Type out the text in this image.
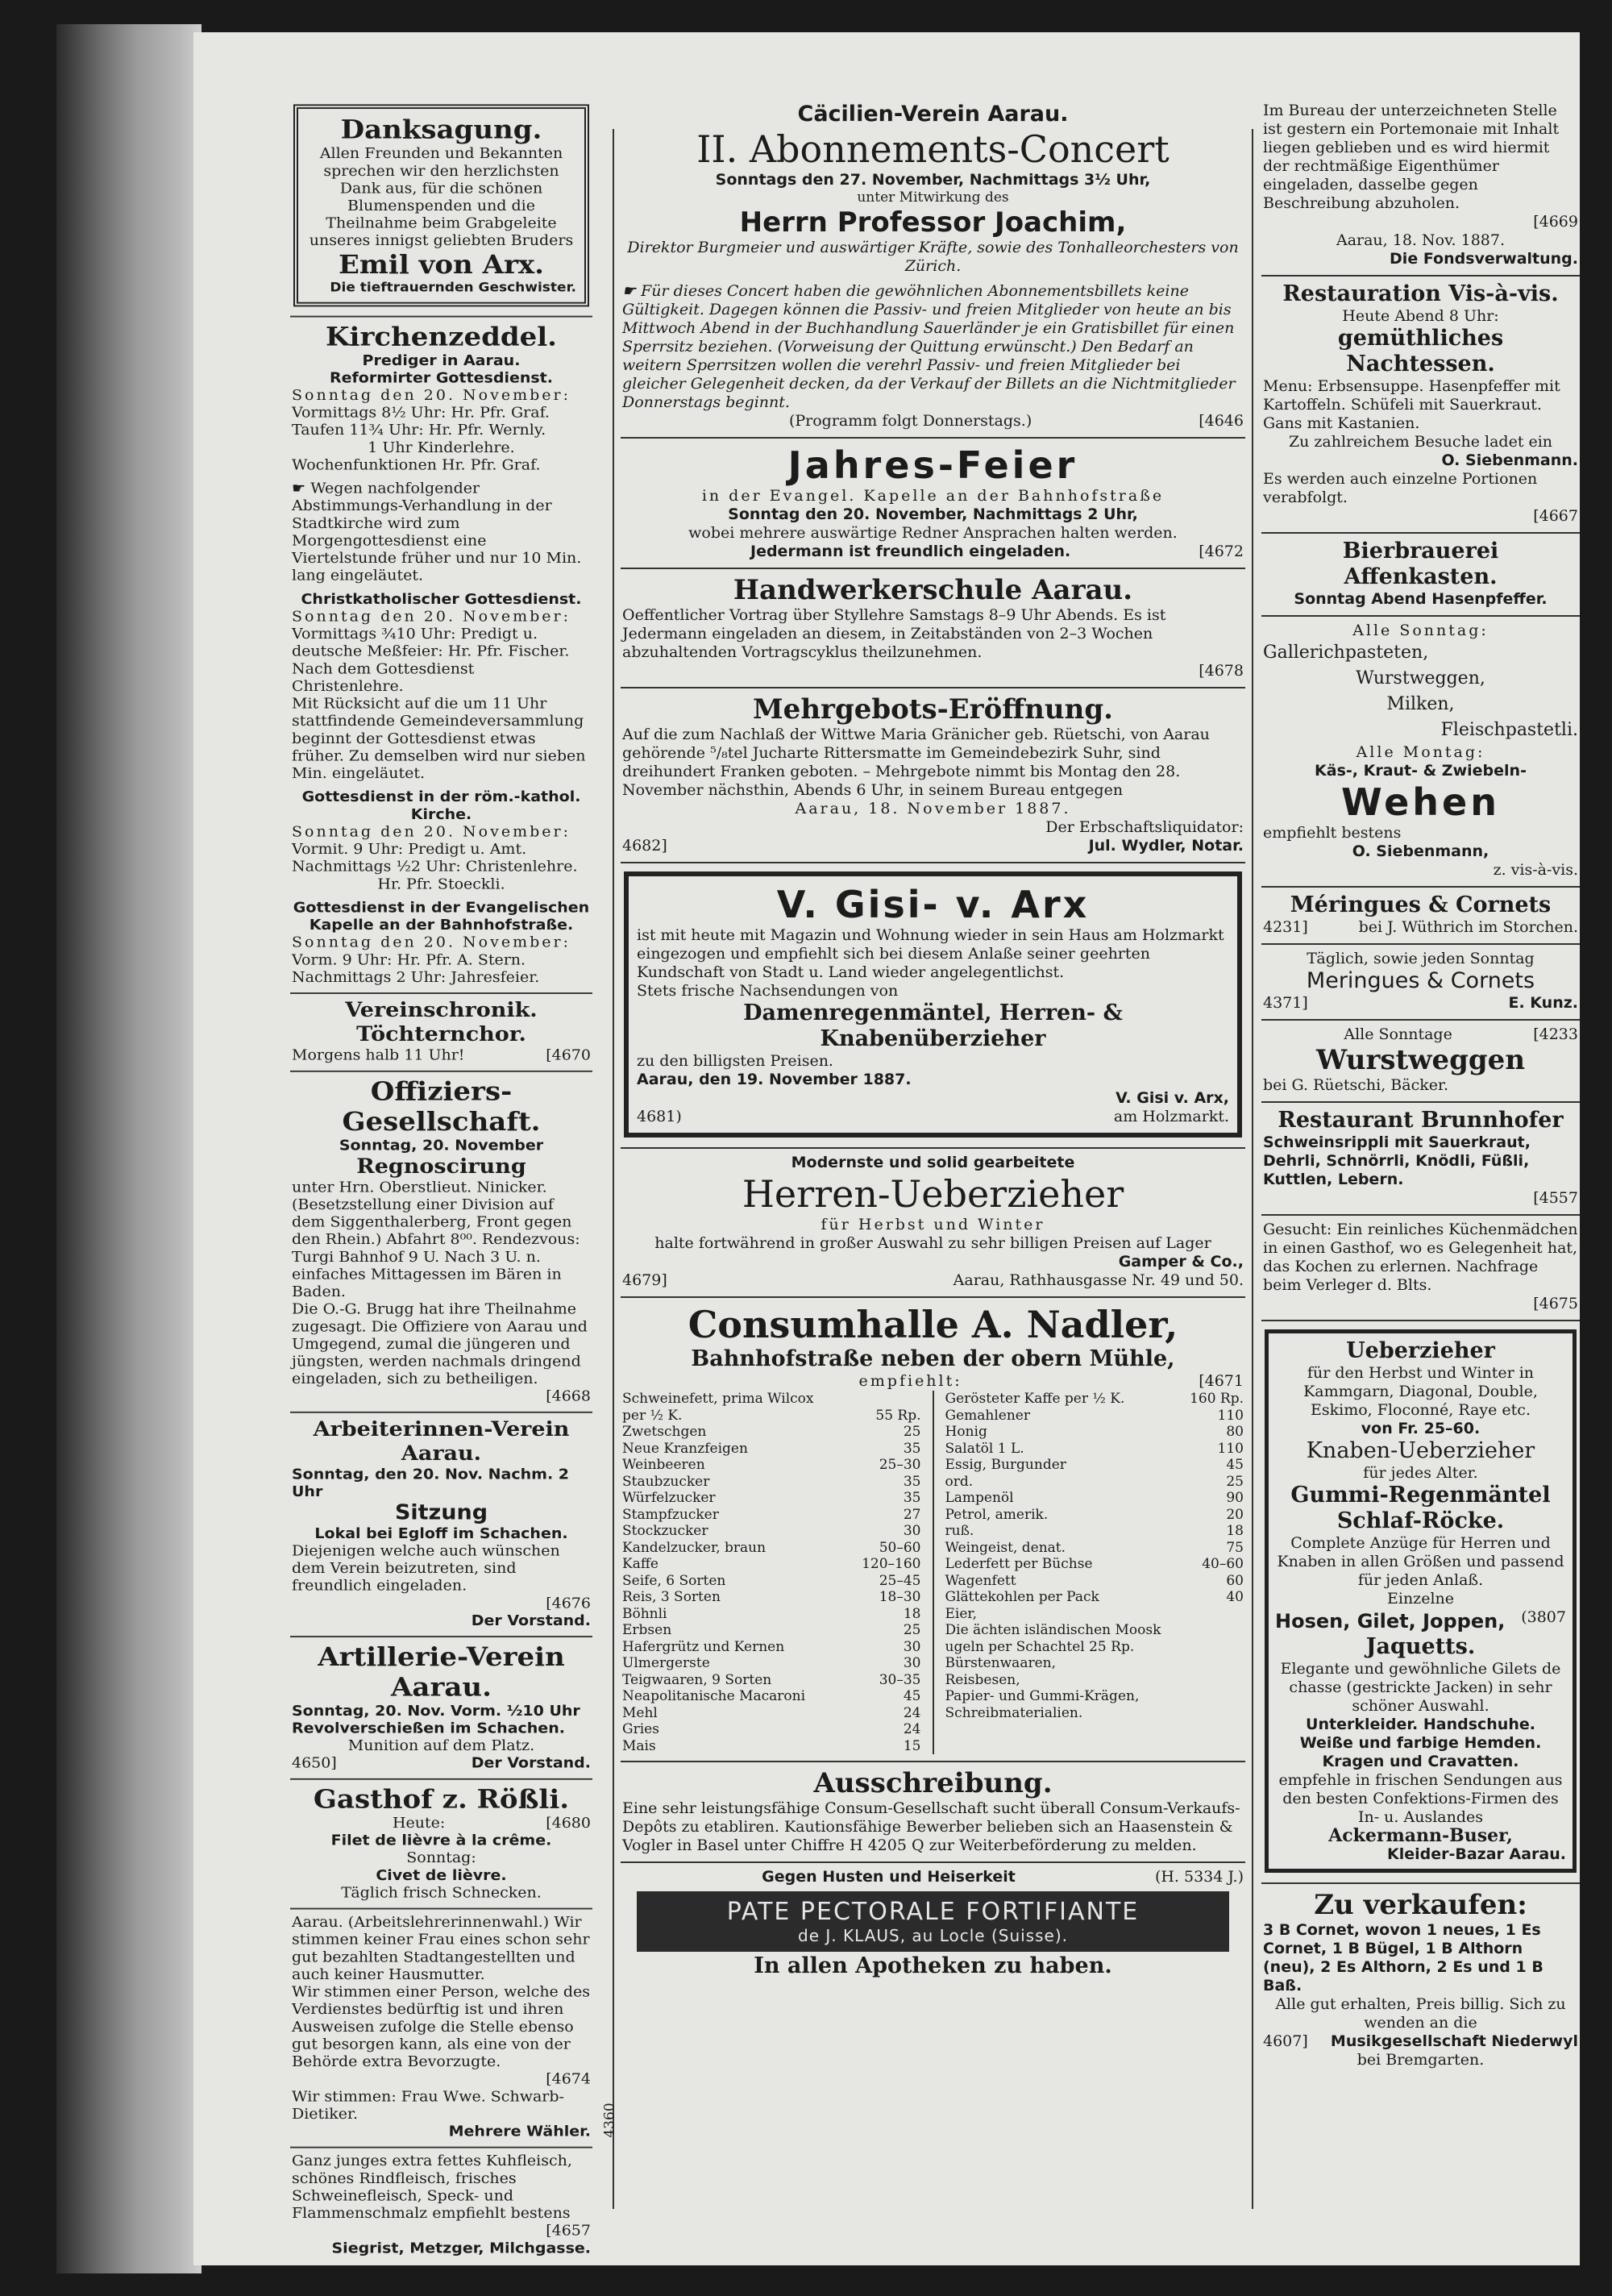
Danksagung.
Allen Freunden und Bekannten sprechen wir den herzlichsten Dank aus, für die schönen Blumenspenden und die Theilnahme beim Grabgeleite unseres innigst geliebten Bruders
Emil von Arx.
Die tieftrauernden Geschwister.
Kirchenzeddel.
Prediger in Aarau.
Reformirter Gottesdienst.
Sonntag den 20. November:
Vormittags 8½ Uhr: Hr. Pfr. Graf.
Taufen 11¾ Uhr: Hr. Pfr. Wernly.
1 Uhr Kinderlehre.
Wochenfunktionen Hr. Pfr. Graf.
☛ Wegen nachfolgender Abstimmungs-Verhandlung in der Stadtkirche wird zum Morgengottesdienst eine Viertelstunde früher und nur 10 Min. lang eingeläutet.
Christkatholischer Gottesdienst.
Sonntag den 20. November:
Vormittags ¾10 Uhr: Predigt u. deutsche Meßfeier: Hr. Pfr. Fischer.
Nach dem Gottesdienst Christenlehre.
Mit Rücksicht auf die um 11 Uhr stattfindende Gemeindeversammlung beginnt der Gottesdienst etwas früher. Zu demselben wird nur sieben Min. eingeläutet.
Gottesdienst in der röm.-kathol. Kirche.
Sonntag den 20. November:
Vormit. 9 Uhr: Predigt u. Amt.
Nachmittags ½2 Uhr: Christenlehre.
Hr. Pfr. Stoeckli.
Gottesdienst in der Evangelischen Kapelle an der Bahnhofstraße.
Sonntag den 20. November:
Vorm. 9 Uhr: Hr. Pfr. A. Stern.
Nachmittags 2 Uhr: Jahresfeier.
Vereinschronik.
Töchternchor.
Morgens halb 11 Uhr!	[4670
Offiziers-Gesellschaft.
Sonntag, 20. November
Regnoscirung
unter Hrn. Oberstlieut. Ninicker. (Besetzstellung einer Division auf dem Siggenthalerberg, Front gegen den Rhein.) Abfahrt 8⁰⁰. Rendezvous: Turgi Bahnhof 9 U. Nach 3 U. n. einfaches Mittagessen im Bären in Baden.
Die O.-G. Brugg hat ihre Theilnahme zugesagt. Die Offiziere von Aarau und Umgegend, zumal die jüngeren und jüngsten, werden nachmals dringend eingeladen, sich zu betheiligen.
[4668
Arbeiterinnen-Verein Aarau.
Sonntag, den 20. Nov. Nachm. 2 Uhr
Sitzung
Lokal bei Egloff im Schachen.
Diejenigen welche auch wünschen dem Verein beizutreten, sind freundlich eingeladen.
[4676
Der Vorstand.
Artillerie-Verein Aarau.
Sonntag, 20. Nov. Vorm. ½10 Uhr Revolverschießen im Schachen.
Munition auf dem Platz.
4650]	Der Vorstand.
Gasthof z. Rößli.
Heute:	[4680
Filet de lièvre à la crême.
Sonntag:
Civet de lièvre.
Täglich frisch Schnecken.
Aarau. (Arbeitslehrerinnenwahl.) Wir stimmen keiner Frau eines schon sehr gut bezahlten Stadtangestellten und auch keiner Hausmutter.
Wir stimmen einer Person, welche des Verdienstes bedürftig ist und ihren Ausweisen zufolge die Stelle ebenso gut besorgen kann, als eine von der Behörde extra Bevorzugte.
[4674
Wir stimmen: Frau Wwe. Schwarb-Dietiker.
Mehrere Wähler.
Ganz junges extra fettes Kuhfleisch, schönes Rindfleisch, frisches Schweinefleisch, Speck- und Flammenschmalz empfiehlt bestens
[4657
Siegrist, Metzger, Milchgasse.
Cäcilien-Verein Aarau.
II. Abonnements-Concert
Sonntags den 27. November, Nachmittags 3½ Uhr,
unter Mitwirkung des
Herrn Professor Joachim,
Direktor Burgmeier und auswärtiger Kräfte, sowie des Tonhalleorchesters von Zürich.
☛ Für dieses Concert haben die gewöhnlichen Abonnementsbillets keine Gültigkeit. Dagegen können die Passiv- und freien Mitglieder von heute an bis Mittwoch Abend in der Buchhandlung Sauerländer je ein Gratisbillet für einen Sperrsitz beziehen. (Vorweisung der Quittung erwünscht.) Den Bedarf an weitern Sperrsitzen wollen die verehrl Passiv- und freien Mitglieder bei gleicher Gelegenheit decken, da der Verkauf der Billets an die Nichtmitglieder Donnerstags beginnt.
(Programm folgt Donnerstags.)	[4646
Jahres-Feier
in der Evangel. Kapelle an der Bahnhofstraße
Sonntag den 20. November, Nachmittags 2 Uhr,
wobei mehrere auswärtige Redner Ansprachen halten werden.
Jedermann ist freundlich eingeladen.	[4672
Handwerkerschule Aarau.
Oeffentlicher Vortrag über Styllehre Samstags 8–9 Uhr Abends. Es ist Jedermann eingeladen an diesem, in Zeitabständen von 2–3 Wochen abzuhaltenden Vortragscyklus theilzunehmen.
[4678
Mehrgebots-Eröffnung.
Auf die zum Nachlaß der Wittwe Maria Gränicher geb. Rüetschi, von Aarau gehörende ⁵/₈tel Jucharte Rittersmatte im Gemeindebezirk Suhr, sind dreihundert Franken geboten. – Mehrgebote nimmt bis Montag den 28. November nächsthin, Abends 6 Uhr, in seinem Bureau entgegen
Aarau, 18. November 1887.
Der Erbschaftsliquidator:
4682]	Jul. Wydler, Notar.
V. Gisi- v. Arx
ist mit heute mit Magazin und Wohnung wieder in sein Haus am Holzmarkt eingezogen und empfiehlt sich bei diesem Anlaße seiner geehrten Kundschaft von Stadt u. Land wieder angelegentlichst.
Stets frische Nachsendungen von
Damenregenmäntel, Herren- & Knabenüberzieher
zu den billigsten Preisen.
Aarau, den 19. November 1887.
V. Gisi v. Arx,
4681)	am Holzmarkt.
Modernste und solid gearbeitete
Herren-Ueberzieher
für Herbst und Winter
halte fortwährend in großer Auswahl zu sehr billigen Preisen auf Lager
Gamper & Co.,
4679]	Aarau, Rathhausgasse Nr. 49 und 50.
Consumhalle A. Nadler,
Bahnhofstraße neben der obern Mühle,
empfiehlt:	[4671
Schweinefett, prima Wilcox
per ½ K.	55 Rp.
Zwetschgen	25
Neue Kranzfeigen	35
Weinbeeren	25–30
Staubzucker	35
Würfelzucker	35
Stampfzucker	27
Stockzucker	30
Kandelzucker, braun	50–60
Kaffe	120–160
Seife, 6 Sorten	25–45
Reis, 3 Sorten	18–30
Böhnli	18
Erbsen	25
Hafergrütz und Kernen	30
Ulmergerste	30
Teigwaaren, 9 Sorten	30–35
Neapolitanische Macaroni	45
Mehl	24
Gries	24
Mais	15
Gerösteter Kaffe per ½ K.	160 Rp.
Gemahlener	110
Honig	80
Salatöl 1 L.	110
Essig, Burgunder	45
ord.	25
Lampenöl	90
Petrol, amerik.	20
ruß.	18
Weingeist, denat.	75
Lederfett per Büchse	40–60
Wagenfett	60
Glättekohlen per Pack	40
Eier,
Die ächten isländischen Moosk ugeln per Schachtel 25 Rp.
Bürstenwaaren,
Reisbesen,
Papier- und Gummi-Krägen,
Schreibmaterialien.
Ausschreibung.
Eine sehr leistungsfähige Consum-Gesellschaft sucht überall Consum-Verkaufs-Depôts zu etabliren. Kautionsfähige Bewerber belieben sich an Haasenstein & Vogler in Basel unter Chiffre H 4205 Q zur Weiterbeförderung zu melden.
Gegen Husten und Heiserkeit	(H. 5334 J.)
PATE PECTORALE FORTIFIANTE
de J. KLAUS, au Locle (Suisse).
In allen Apotheken zu haben.
4360
Im Bureau der unterzeichneten Stelle ist gestern ein Portemonaie mit Inhalt liegen geblieben und es wird hiermit der rechtmäßige Eigenthümer eingeladen, dasselbe gegen Beschreibung abzuholen.
[4669
Aarau, 18. Nov. 1887.
Die Fondsverwaltung.
Restauration Vis-à-vis.
Heute Abend 8 Uhr:
gemüthliches Nachtessen.
Menu: Erbsensuppe. Hasenpfeffer mit Kartoffeln. Schüfeli mit Sauerkraut. Gans mit Kastanien.
Zu zahlreichem Besuche ladet ein
O. Siebenmann.
Es werden auch einzelne Portionen verabfolgt.
[4667
Bierbrauerei Affenkasten.
Sonntag Abend Hasenpfeffer.
Alle Sonntag:
Gallerichpasteten,
Wurstweggen,
Milken,
Fleischpastetli.
Alle Montag:
Käs-, Kraut- & Zwiebeln-
Wehen
empfiehlt bestens
O. Siebenmann,
z. vis-à-vis.
Méringues & Cornets
4231]	bei J. Wüthrich im Storchen.
Täglich, sowie jeden Sonntag
Meringues & Cornets
4371]	E. Kunz.
Alle Sonntage	[4233
Wurstweggen
bei G. Rüetschi, Bäcker.
Restaurant Brunnhofer
Schweinsrippli mit Sauerkraut, Dehrli, Schnörrli, Knödli, Füßli, Kuttlen, Lebern.
[4557
Gesucht: Ein reinliches Küchenmädchen in einen Gasthof, wo es Gelegenheit hat, das Kochen zu erlernen. Nachfrage beim Verleger d. Blts.
[4675
Ueberzieher
für den Herbst und Winter in Kammgarn, Diagonal, Double, Eskimo, Floconné, Raye etc.
von Fr. 25–60.
Knaben-Ueberzieher
für jedes Alter.
Gummi-Regenmäntel
Schlaf-Röcke.
Complete Anzüge für Herren und Knaben in allen Größen und passend für jeden Anlaß.
Einzelne
Hosen, Gilet, Joppen, (3807
Jaquetts.
Elegante und gewöhnliche Gilets de chasse (gestrickte Jacken) in sehr schöner Auswahl.
Unterkleider. Handschuhe.
Weiße und farbige Hemden.
Kragen und Cravatten.
empfehle in frischen Sendungen aus den besten Confektions-Firmen des In- u. Auslandes
Ackermann-Buser,
Kleider-Bazar Aarau.
Zu verkaufen:
3 B Cornet, wovon 1 neues, 1 Es Cornet, 1 B Bügel, 1 B Althorn (neu), 2 Es Althorn, 2 Es und 1 B Baß.
Alle gut erhalten, Preis billig. Sich zu wenden an die
4607] Musikgesellschaft Niederwyl
bei Bremgarten.
